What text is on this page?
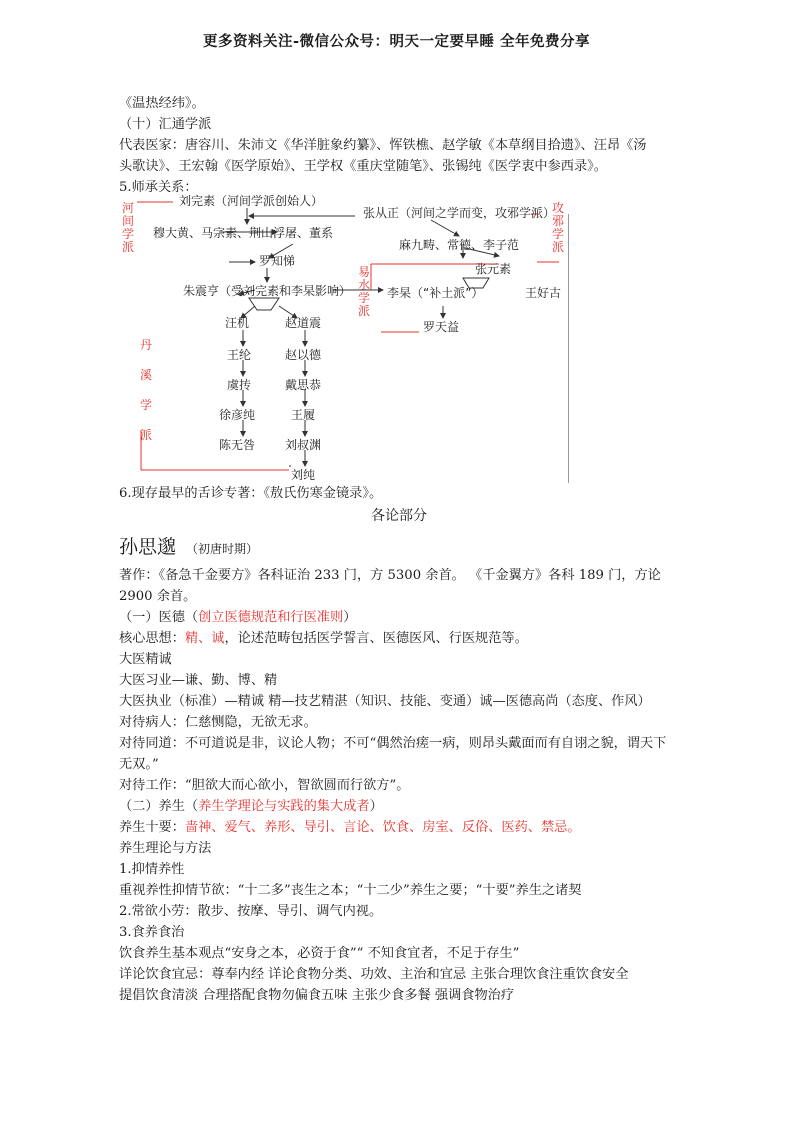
更多资料关注-微信公众号：明天一定要早睡 全年免费分享
《温热经纬》。
（十）汇通学派
代表医家：唐容川、朱沛文《华洋脏象约纂》、恽铁樵、赵学敏《本草纲目拾遗》、汪昂《汤
头歌诀》、王宏翰《医学原始》、王学权《重庆堂随笔》、张锡纯《医学衷中参西录》。
5.师承关系：
河间学派
攻邪学派
易水学派
丹溪学派
刘完素（河间学派创始人）
张从正（河间之学而变，攻邪学派）
穆大黄、马宗素、荆山浮屠、董系
麻九畴、常德、李子范
罗知悌
张元素
朱震亨（受刘完素和李杲影响）	李杲（“补土派”）	王好古
汪机	赵道震	罗天益
王纶	赵以德
虞抟	戴思恭
徐彦纯	王履
陈无咎 刘叔渊
刘纯
6.现存最早的舌诊专著：《敖氏伤寒金镜录》。
各论部分
孙思邈 （初唐时期）
著作：《备急千金要方》各科证治 233 门，方 5300 余首。 《千金翼方》各科 189 门，方论 2900 余首。
（一）医德（创立医德规范和行医准则）
核心思想：精、诚，论述范畴包括医学誓言、医德医风、行医规范等。
大医精诚
大医习业—谦、勤、博、精
大医执业（标准）—精诚 精—技艺精湛（知识、技能、变通）诚—医德高尚（态度、作风）
对待病人：仁慈恻隐，无欲无求。
对待同道：不可道说是非，议论人物；不可“偶然治瘥一病，则昂头戴面而有自诩之貌，谓天下无双。”
对待工作：“胆欲大而心欲小，智欲圆而行欲方”。
（二）养生（养生学理论与实践的集大成者）
养生十要：啬神、爱气、养形、导引、言论、饮食、房室、反俗、医药、禁忌。
养生理论与方法
1.抑情养性
重视养性抑情节欲：“十二多”丧生之本；“十二少”养生之要；“十要”养生之诸契
2.常欲小劳：散步、按摩、导引、调气内视。
3.食养食治
饮食养生基本观点“安身之本，必资于食”“ 不知食宜者，不足于存生”
详论饮食宜忌：尊奉内经 详论食物分类、功效、主治和宜忌 主张合理饮食注重饮食安全
提倡饮食清淡 合理搭配食物勿偏食五味 主张少食多餐 强调食物治疗
